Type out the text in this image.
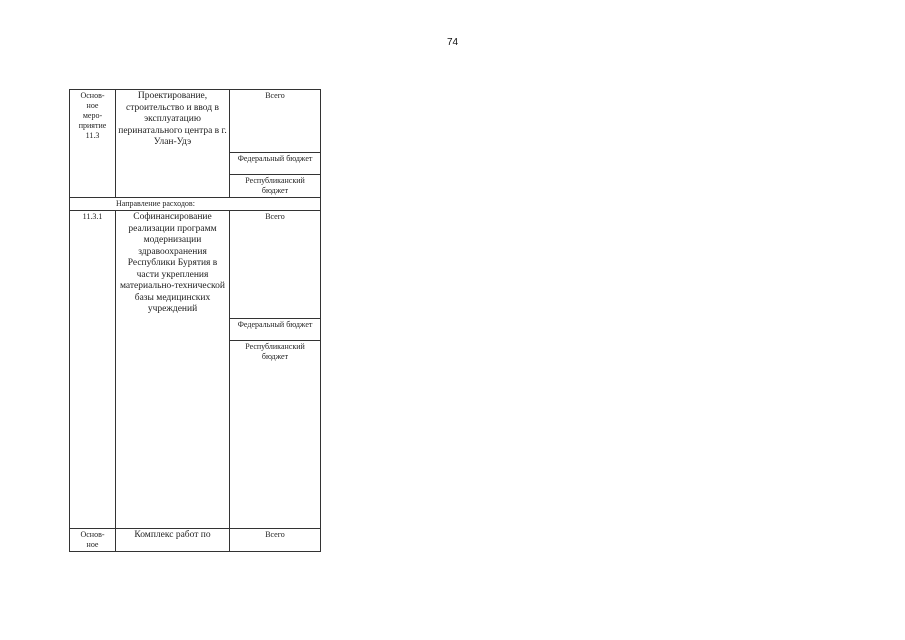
74
Основ-
ное
меро-
приятие
11.3	Проектирование, строительство и ввод в эксплуатацию перинатального центра в г. Улан-Удэ	Всего
		Федеральный бюджет
		Республиканский бюджет
Направление расходов:		
11.3.1	Софинансирование реализации программ модернизации здравоохранения Республики Бурятия в части укрепления материально-технической базы медицинских учреждений	Всего
		Федеральный бюджет
		Республиканский бюджет
Основ-
ное	Комплекс работ по	Всего
